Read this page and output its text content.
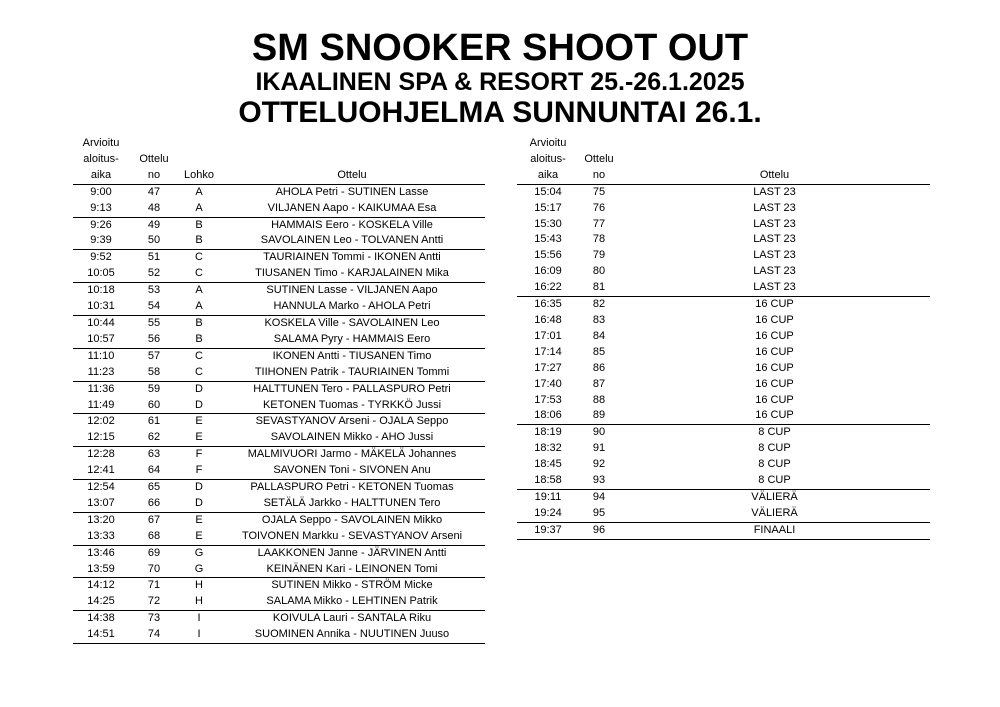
SM SNOOKER SHOOT OUT
IKAALINEN SPA & RESORT 25.-26.1.2025
OTTELUOHJELMA SUNNUNTAI 26.1.
Arvioitu			
aloitus-	Ottelu		
aika	no	Lohko	Ottelu
9:00	47	A	AHOLA Petri - SUTINEN Lasse
9:13	48	A	VILJANEN Aapo - KAIKUMAA Esa
9:26	49	B	HAMMAIS Eero - KOSKELA Ville
9:39	50	B	SAVOLAINEN Leo - TOLVANEN Antti
9:52	51	C	TAURIAINEN Tommi - IKONEN Antti
10:05	52	C	TIUSANEN Timo - KARJALAINEN Mika
10:18	53	A	SUTINEN Lasse - VILJANEN Aapo
10:31	54	A	HANNULA Marko - AHOLA Petri
10:44	55	B	KOSKELA Ville - SAVOLAINEN Leo
10:57	56	B	SALAMA Pyry - HAMMAIS Eero
11:10	57	C	IKONEN Antti - TIUSANEN Timo
11:23	58	C	TIIHONEN Patrik - TAURIAINEN Tommi
11:36	59	D	HALTTUNEN Tero - PALLASPURO Petri
11:49	60	D	KETONEN Tuomas - TYRKKÖ Jussi
12:02	61	E	SEVASTYANOV Arseni - OJALA Seppo
12:15	62	E	SAVOLAINEN Mikko - AHO Jussi
12:28	63	F	MALMIVUORI Jarmo - MÄKELÄ Johannes
12:41	64	F	SAVONEN Toni - SIVONEN Anu
12:54	65	D	PALLASPURO Petri - KETONEN Tuomas
13:07	66	D	SETÄLÄ Jarkko - HALTTUNEN Tero
13:20	67	E	OJALA Seppo - SAVOLAINEN Mikko
13:33	68	E	TOIVONEN Markku - SEVASTYANOV Arseni
13:46	69	G	LAAKKONEN Janne - JÄRVINEN Antti
13:59	70	G	KEINÄNEN Kari - LEINONEN Tomi
14:12	71	H	SUTINEN Mikko - STRÖM Micke
14:25	72	H	SALAMA Mikko - LEHTINEN Patrik
14:38	73	I	KOIVULA Lauri - SANTALA Riku
14:51	74	I	SUOMINEN Annika - NUUTINEN Juuso
Arvioitu		
aloitus-	Ottelu	
aika	no	Ottelu
15:04	75	LAST 23
15:17	76	LAST 23
15:30	77	LAST 23
15:43	78	LAST 23
15:56	79	LAST 23
16:09	80	LAST 23
16:22	81	LAST 23
16:35	82	16 CUP
16:48	83	16 CUP
17:01	84	16 CUP
17:14	85	16 CUP
17:27	86	16 CUP
17:40	87	16 CUP
17:53	88	16 CUP
18:06	89	16 CUP
18:19	90	8 CUP
18:32	91	8 CUP
18:45	92	8 CUP
18:58	93	8 CUP
19:11	94	VÄLIERÄ
19:24	95	VÄLIERÄ
19:37	96	FINAALI
